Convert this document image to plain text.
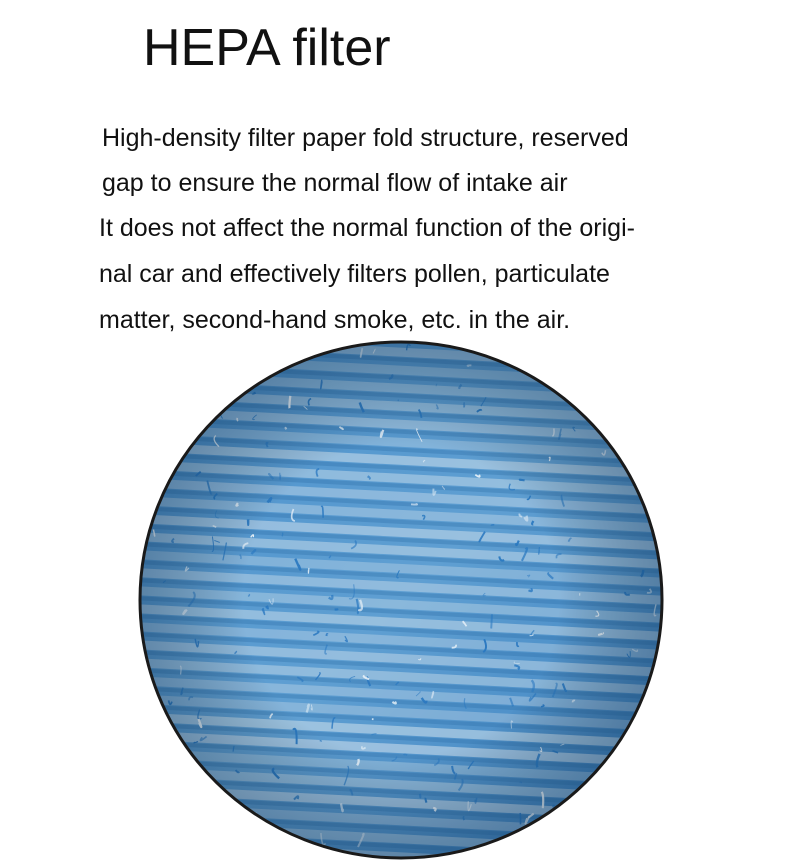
HEPA filter

High-density filter paper fold structure, reserved

gap to ensure the normal flow of intake air

It does not affect the normal function of the origi-

nal car and effectively filters pollen, particulate

matter, second-hand smoke, etc. in the air.
